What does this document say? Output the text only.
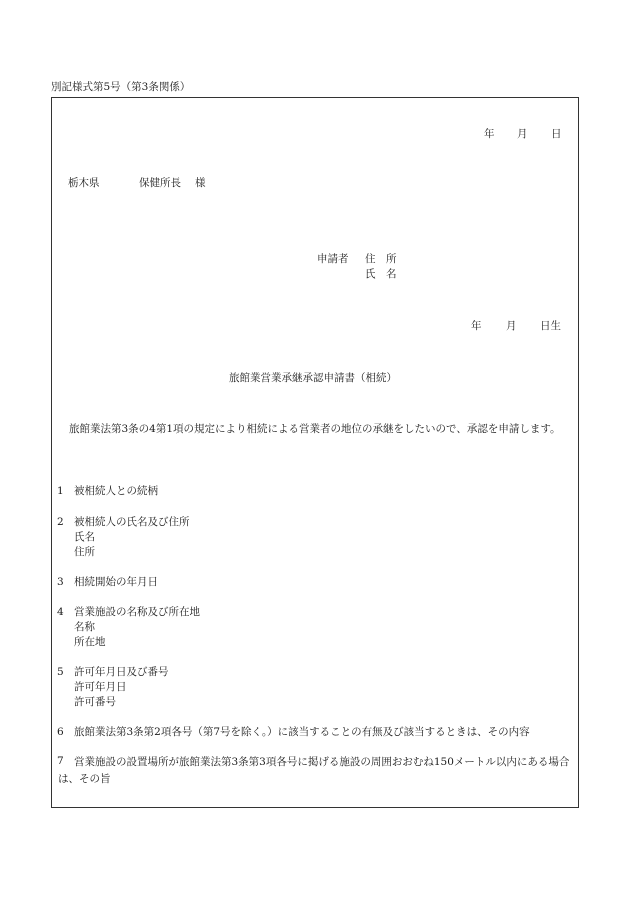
別記様式第5号（第3条関係）
年 月 日
栃木県	保健所長 様
申請者 住　所
氏　名
年 月 日生
旅館業営業承継承認申請書（相続）
旅館業法第3条の4第1項の規定により相続による営業者の地位の承継をしたいので、承認を申請します。
1 被相続人との続柄
2 被相続人の氏名及び住所
氏名
住所
3 相続開始の年月日
4 営業施設の名称及び所在地
名称
所在地
5 許可年月日及び番号
許可年月日
許可番号
6 旅館業法第3条第2項各号（第7号を除く。）に該当することの有無及び該当するときは、その内容
7 営業施設の設置場所が旅館業法第3条第3項各号に掲げる施設の周囲おおむね150メートル以内にある場合は、その旨
